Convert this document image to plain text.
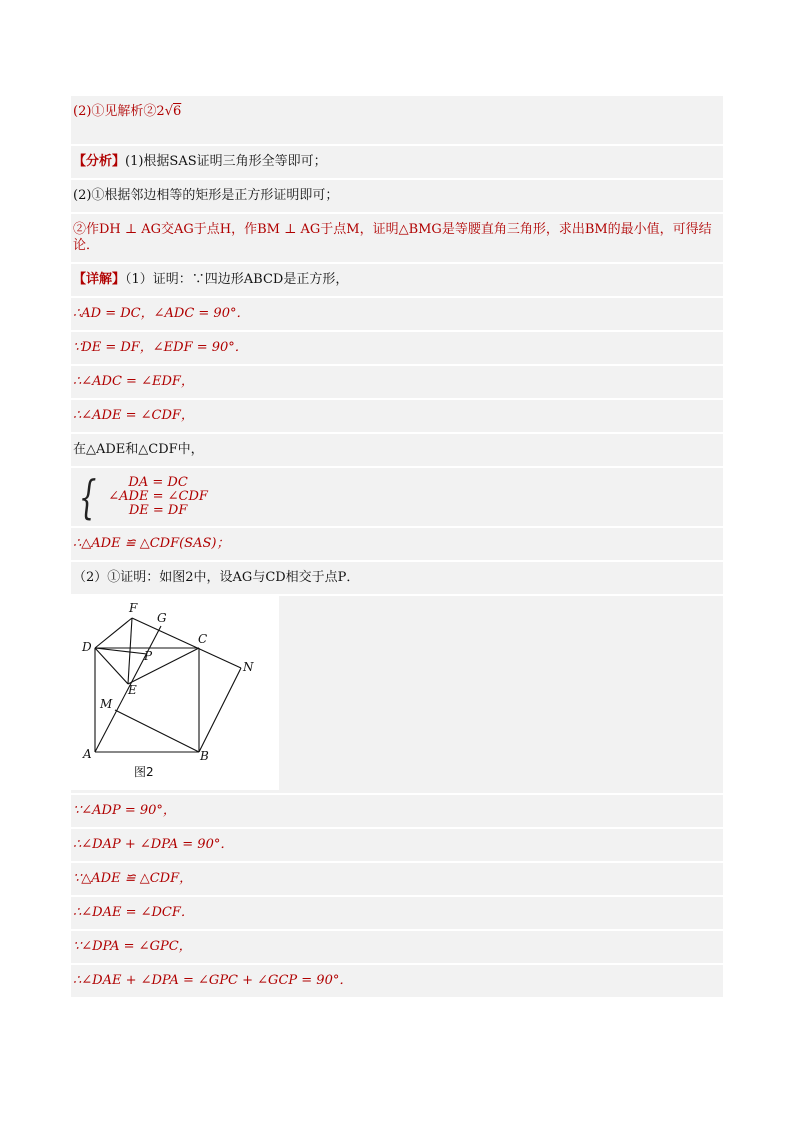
(2)①见解析②2√6
【分析】(1)根据SAS证明三角形全等即可；
(2)①根据邻边相等的矩形是正方形证明即可；
②作DH ⊥ AG交AG于点H，作BM ⊥ AG于点M，证明△BMG是等腰直角三角形，求出BM的最小值，可得结
论．
【详解】（1）证明：∵四边形ABCD是正方形，
∴AD = DC，∠ADC = 90°．
∵DE = DF，∠EDF = 90°．
∴∠ADC = ∠EDF，
∴∠ADE = ∠CDF，
在△ADE和△CDF中，
{	DA = DC
∠ADE = ∠CDF
DE = DF
∴△ADE ≌ △CDF(SAS)；
（2）①证明：如图2中，设AG与CD相交于点P．
F
G
D
C
P
N
E
M
A	B
图2
∵∠ADP = 90°，
∴∠DAP + ∠DPA = 90°．
∵△ADE ≌ △CDF，
∴∠DAE = ∠DCF．
∵∠DPA = ∠GPC，
∴∠DAE + ∠DPA = ∠GPC + ∠GCP = 90°．
